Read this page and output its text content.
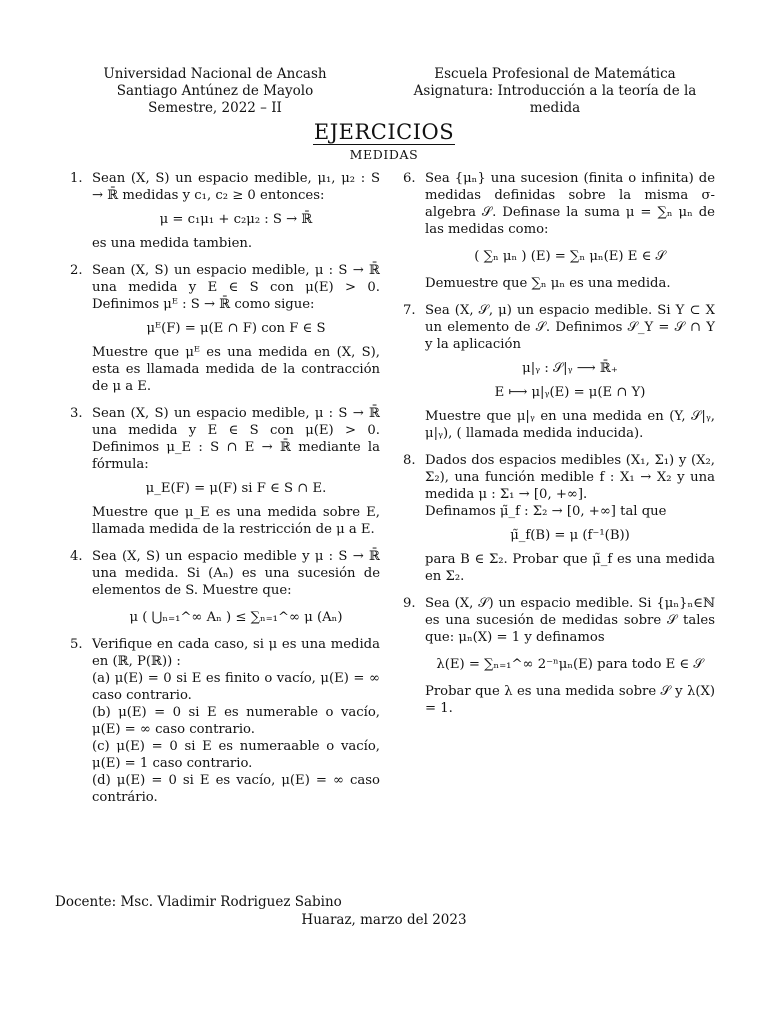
Universidad Nacional de Ancash
Santiago Antúnez de Mayolo
Semestre, 2022 – II
Escuela Profesional de Matemática
Asignatura: Introducción a la teoría de la
medida
EJERCICIOS
MEDIDAS
1. Sean (X, S) un espacio medible, μ₁, μ₂ : S → ℝ̄ medidas y c₁, c₂ ≥ 0 entonces:

μ = c₁μ₁ + c₂μ₂ : S → ℝ̄

es una medida tambien.

2. Sean (X, S) un espacio medible, μ : S → ℝ̄ una medida y E ∈ S con μ(E) > 0. Definimos μᴱ : S → ℝ̄ como sigue:

μᴱ(F) = μ(E ∩ F) con F ∈ S

Muestre que μᴱ es una medida en (X, S), esta es llamada medida de la contracción de μ a E.

3. Sean (X, S) un espacio medible, μ : S → ℝ̄ una medida y E ∈ S con μ(E) > 0. Definimos μ_E : S ∩ E → ℝ̄ mediante la fórmula:

μ_E(F) = μ(F) si F ∈ S ∩ E.

Muestre que μ_E es una medida sobre E, llamada medida de la restricción de μ a E.

4. Sea (X, S) un espacio medible y μ : S → ℝ̄ una medida. Si (Aₙ) es una sucesión de elementos de S. Muestre que:

μ ( ⋃ₙ₌₁^∞ Aₙ ) ≤ ∑ₙ₌₁^∞ μ (Aₙ)
5. Verifique en cada caso, si μ es una medida en (ℝ, P(ℝ)) :

(a) μ(E) = 0 si E es finito o vacío, μ(E) = ∞ caso contrario.

(b) μ(E) = 0 si E es numerable o vacío, μ(E) = ∞ caso contrario.

(c) μ(E) = 0 si E es numeraable o vacío, μ(E) = 1 caso contrario.

(d) μ(E) = 0 si E es vacío, μ(E) = ∞ caso contrário.

6. Sea {μₙ} una sucesion (finita o infinita) de medidas definidas sobre la misma σ-algebra 𝒮. Definase la suma μ = ∑ₙ μₙ de las medidas como:

( ∑ₙ μₙ ) (E) = ∑ₙ μₙ(E) E ∈ 𝒮

Demuestre que ∑ₙ μₙ es una medida.

7. Sea (X, 𝒮, μ) un espacio medible. Si Y ⊂ X un elemento de 𝒮. Definimos 𝒮_Y = 𝒮 ∩ Y y la aplicación

μ|ᵧ : 𝒮|ᵧ ⟶ ℝ̄₊
E ⟼ μ|ᵧ(E) = μ(E ∩ Y)

Muestre que μ|ᵧ en una medida en (Y, 𝒮|ᵧ, μ|ᵧ), ( llamada medida inducida).

8. Dados dos espacios medibles (X₁, Σ₁) y (X₂, Σ₂), una función medible f : X₁ → X₂ y una medida μ : Σ₁ → [0, +∞].

Definamos μ̃_f : Σ₂ → [0, +∞] tal que

μ̃_f(B) = μ (f⁻¹(B))

para B ∈ Σ₂. Probar que μ̃_f es una medida en Σ₂.

9. Sea (X, 𝒮) un espacio medible. Si {μₙ}ₙ∈ℕ es una sucesión de medidas sobre 𝒮 tales que: μₙ(X) = 1 y definamos

λ(E) = ∑ₙ₌₁^∞ 2⁻ⁿμₙ(E) para todo E ∈ 𝒮

Probar que λ es una medida sobre 𝒮 y λ(X) = 1.

Docente: Msc. Vladimir Rodriguez Sabino
Huaraz, marzo del 2023
